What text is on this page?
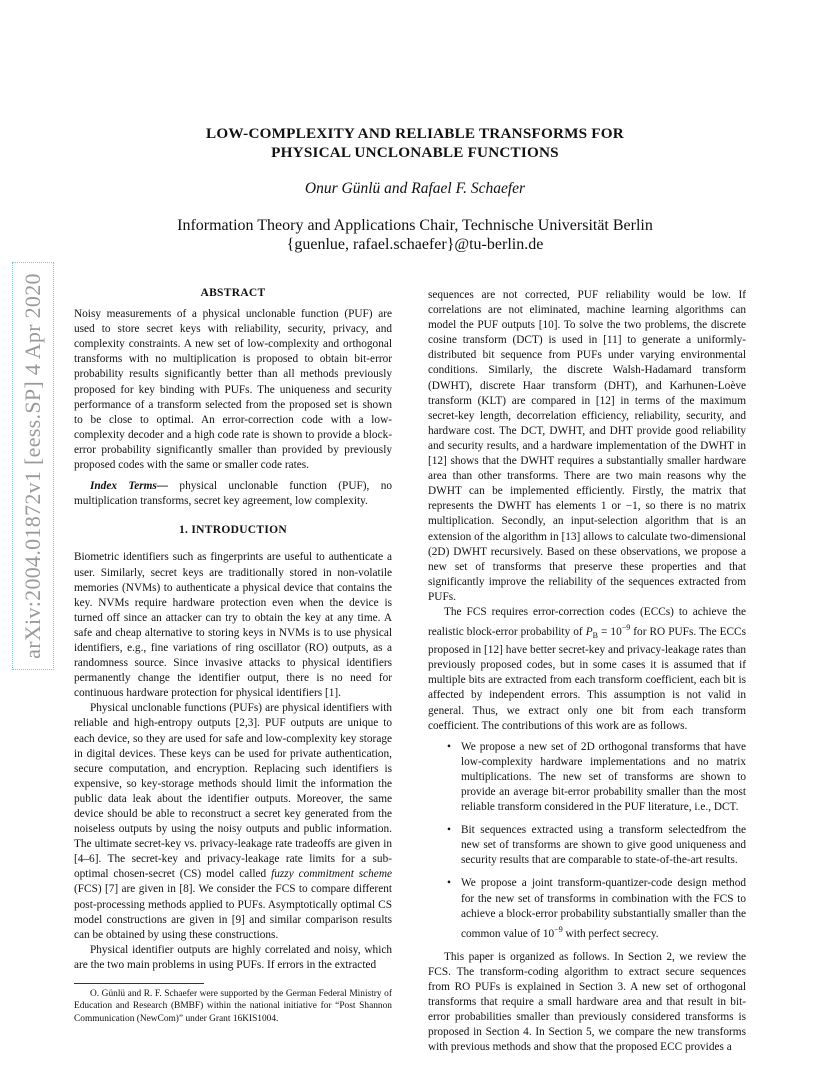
arXiv:2004.01872v1 [eess.SP] 4 Apr 2020
LOW-COMPLEXITY AND RELIABLE TRANSFORMS FOR
PHYSICAL UNCLONABLE FUNCTIONS
Onur Günlü and Rafael F. Schaefer
Information Theory and Applications Chair, Technische Universität Berlin
{guenlue, rafael.schaefer}@tu-berlin.de
ABSTRACT

Noisy measurements of a physical unclonable function (PUF) are used to store secret keys with reliability, security, privacy, and complexity constraints. A new set of low-complexity and orthogonal transforms with no multiplication is proposed to obtain bit-error probability results significantly better than all methods previously proposed for key binding with PUFs. The uniqueness and security performance of a transform selected from the proposed set is shown to be close to optimal. An error-correction code with a low-complexity decoder and a high code rate is shown to provide a block-error probability significantly smaller than provided by previously proposed codes with the same or smaller code rates.

Index Terms— physical unclonable function (PUF), no multiplication transforms, secret key agreement, low complexity.

1. INTRODUCTION

Biometric identifiers such as fingerprints are useful to authenticate a user. Similarly, secret keys are traditionally stored in non-volatile memories (NVMs) to authenticate a physical device that contains the key. NVMs require hardware protection even when the device is turned off since an attacker can try to obtain the key at any time. A safe and cheap alternative to storing keys in NVMs is to use physical identifiers, e.g., fine variations of ring oscillator (RO) outputs, as a randomness source. Since invasive attacks to physical identifiers permanently change the identifier output, there is no need for continuous hardware protection for physical identifiers [1].

Physical unclonable functions (PUFs) are physical identifiers with reliable and high-entropy outputs [2,3]. PUF outputs are unique to each device, so they are used for safe and low-complexity key storage in digital devices. These keys can be used for private authentication, secure computation, and encryption. Replacing such identifiers is expensive, so key-storage methods should limit the information the public data leak about the identifier outputs. Moreover, the same device should be able to reconstruct a secret key generated from the noiseless outputs by using the noisy outputs and public information. The ultimate secret-key vs. privacy-leakage rate tradeoffs are given in [4–6]. The secret-key and privacy-leakage rate limits for a sub-optimal chosen-secret (CS) model called fuzzy commitment scheme (FCS) [7] are given in [8]. We consider the FCS to compare different post-processing methods applied to PUFs. Asymptotically optimal CS model constructions are given in [9] and similar comparison results can be obtained by using these constructions.

Physical identifier outputs are highly correlated and noisy, which are the two main problems in using PUFs. If errors in the extracted

O. Günlü and R. F. Schaefer were supported by the German Federal Ministry of Education and Research (BMBF) within the national initiative for “Post Shannon Communication (NewCom)” under Grant 16KIS1004.

sequences are not corrected, PUF reliability would be low. If correlations are not eliminated, machine learning algorithms can model the PUF outputs [10]. To solve the two problems, the discrete cosine transform (DCT) is used in [11] to generate a uniformly-distributed bit sequence from PUFs under varying environmental conditions. Similarly, the discrete Walsh-Hadamard transform (DWHT), discrete Haar transform (DHT), and Karhunen-Loève transform (KLT) are compared in [12] in terms of the maximum secret-key length, decorrelation efficiency, reliability, security, and hardware cost. The DCT, DWHT, and DHT provide good reliability and security results, and a hardware implementation of the DWHT in [12] shows that the DWHT requires a substantially smaller hardware area than other transforms. There are two main reasons why the DWHT can be implemented efficiently. Firstly, the matrix that represents the DWHT has elements 1 or −1, so there is no matrix multiplication. Secondly, an input-selection algorithm that is an extension of the algorithm in [13] allows to calculate two-dimensional (2D) DWHT recursively. Based on these observations, we propose a new set of transforms that preserve these properties and that significantly improve the reliability of the sequences extracted from PUFs.

The FCS requires error-correction codes (ECCs) to achieve the realistic block-error probability of $P_B = 10^{-9}$ for RO PUFs. The ECCs proposed in [12] have better secret-key and privacy-leakage rates than previously proposed codes, but in some cases it is assumed that if multiple bits are extracted from each transform coefficient, each bit is affected by independent errors. This assumption is not valid in general. Thus, we extract only one bit from each transform coefficient. The contributions of this work are as follows.

• We propose a new set of 2D orthogonal transforms that have low-complexity hardware implementations and no matrix multiplications. The new set of transforms are shown to provide an average bit-error probability smaller than the most reliable transform considered in the PUF literature, i.e., DCT.
• Bit sequences extracted using a transform selectedfrom the new set of transforms are shown to give good uniqueness and security results that are comparable to state-of-the-art results.
• We propose a joint transform-quantizer-code design method for the new set of transforms in combination with the FCS to achieve a block-error probability substantially smaller than the common value of $10^{-9}$ with perfect secrecy.

This paper is organized as follows. In Section 2, we review the FCS. The transform-coding algorithm to extract secure sequences from RO PUFs is explained in Section 3. A new set of orthogonal transforms that require a small hardware area and that result in bit-error probabilities smaller than previously considered transforms is proposed in Section 4. In Section 5, we compare the new transforms with previous methods and show that the proposed ECC provides a
